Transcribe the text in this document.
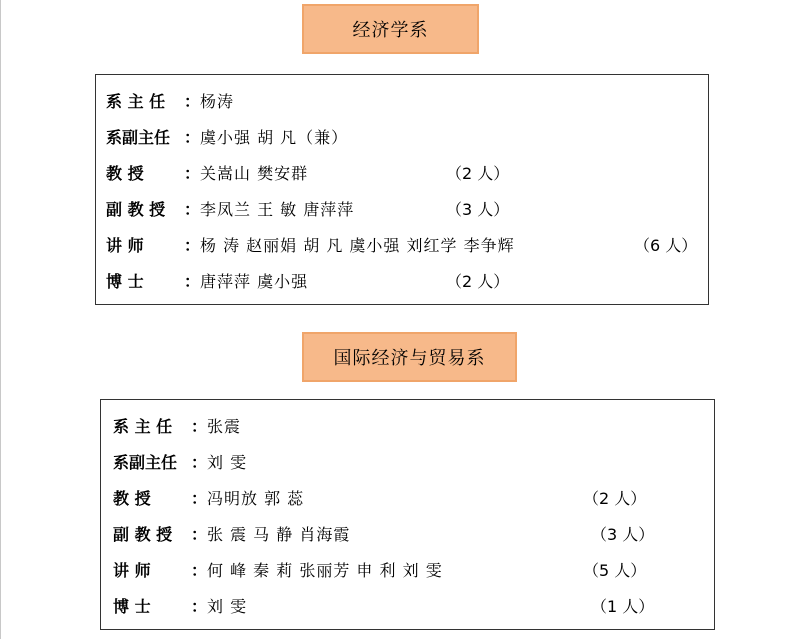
经济学系
系 主 任 ： 杨涛
系副主任 ： 虞小强 胡 凡（兼）
教 授	： 关嵩山 樊安群	（2 人）
副 教 授 ： 李凤兰 王 敏 唐萍萍	（3 人）
讲 师	： 杨 涛 赵丽娟 胡 凡 虞小强 刘红学 李争辉	（6 人）
博 士	： 唐萍萍 虞小强	（2 人）
国际经济与贸易系
系 主 任 ： 张震
系副主任 ： 刘 雯
教 授	： 冯明放 郭 蕊	（2 人）
副 教 授 ： 张 震 马 静 肖海霞	（3 人）
讲 师	： 何 峰 秦 莉 张丽芳 申 利 刘 雯	（5 人）
博 士	： 刘 雯	（1 人）
